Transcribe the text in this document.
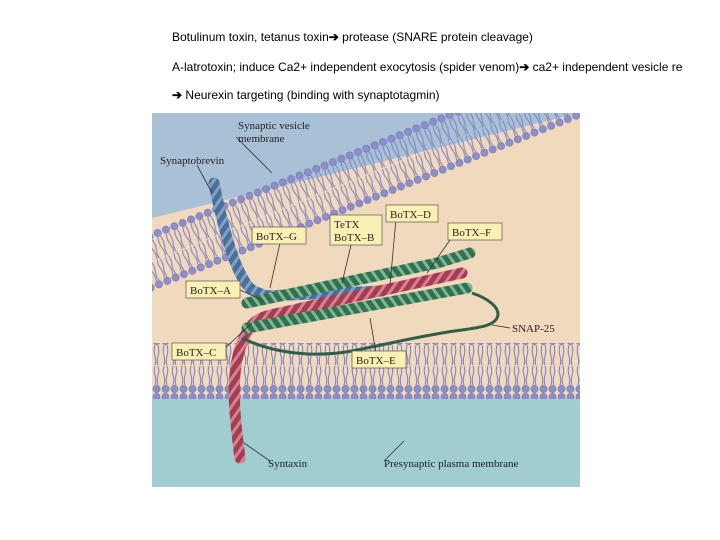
Botulinum toxin, tetanus toxin➔ protease (SNARE protein cleavage)
A-latrotoxin; induce Ca2+ independent exocytosis (spider venom)➔ ca2+ independent vesicle re
➔ Neurexin targeting (binding with synaptotagmin)
Synaptic vesicle
membrane
Synaptobrevin
BoTX–G
TeTX
BoTX–B
BoTX–D
BoTX–F
BoTX–A
SNAP-25
BoTX–C
BoTX–E
Syntaxin	Presynaptic plasma membrane
